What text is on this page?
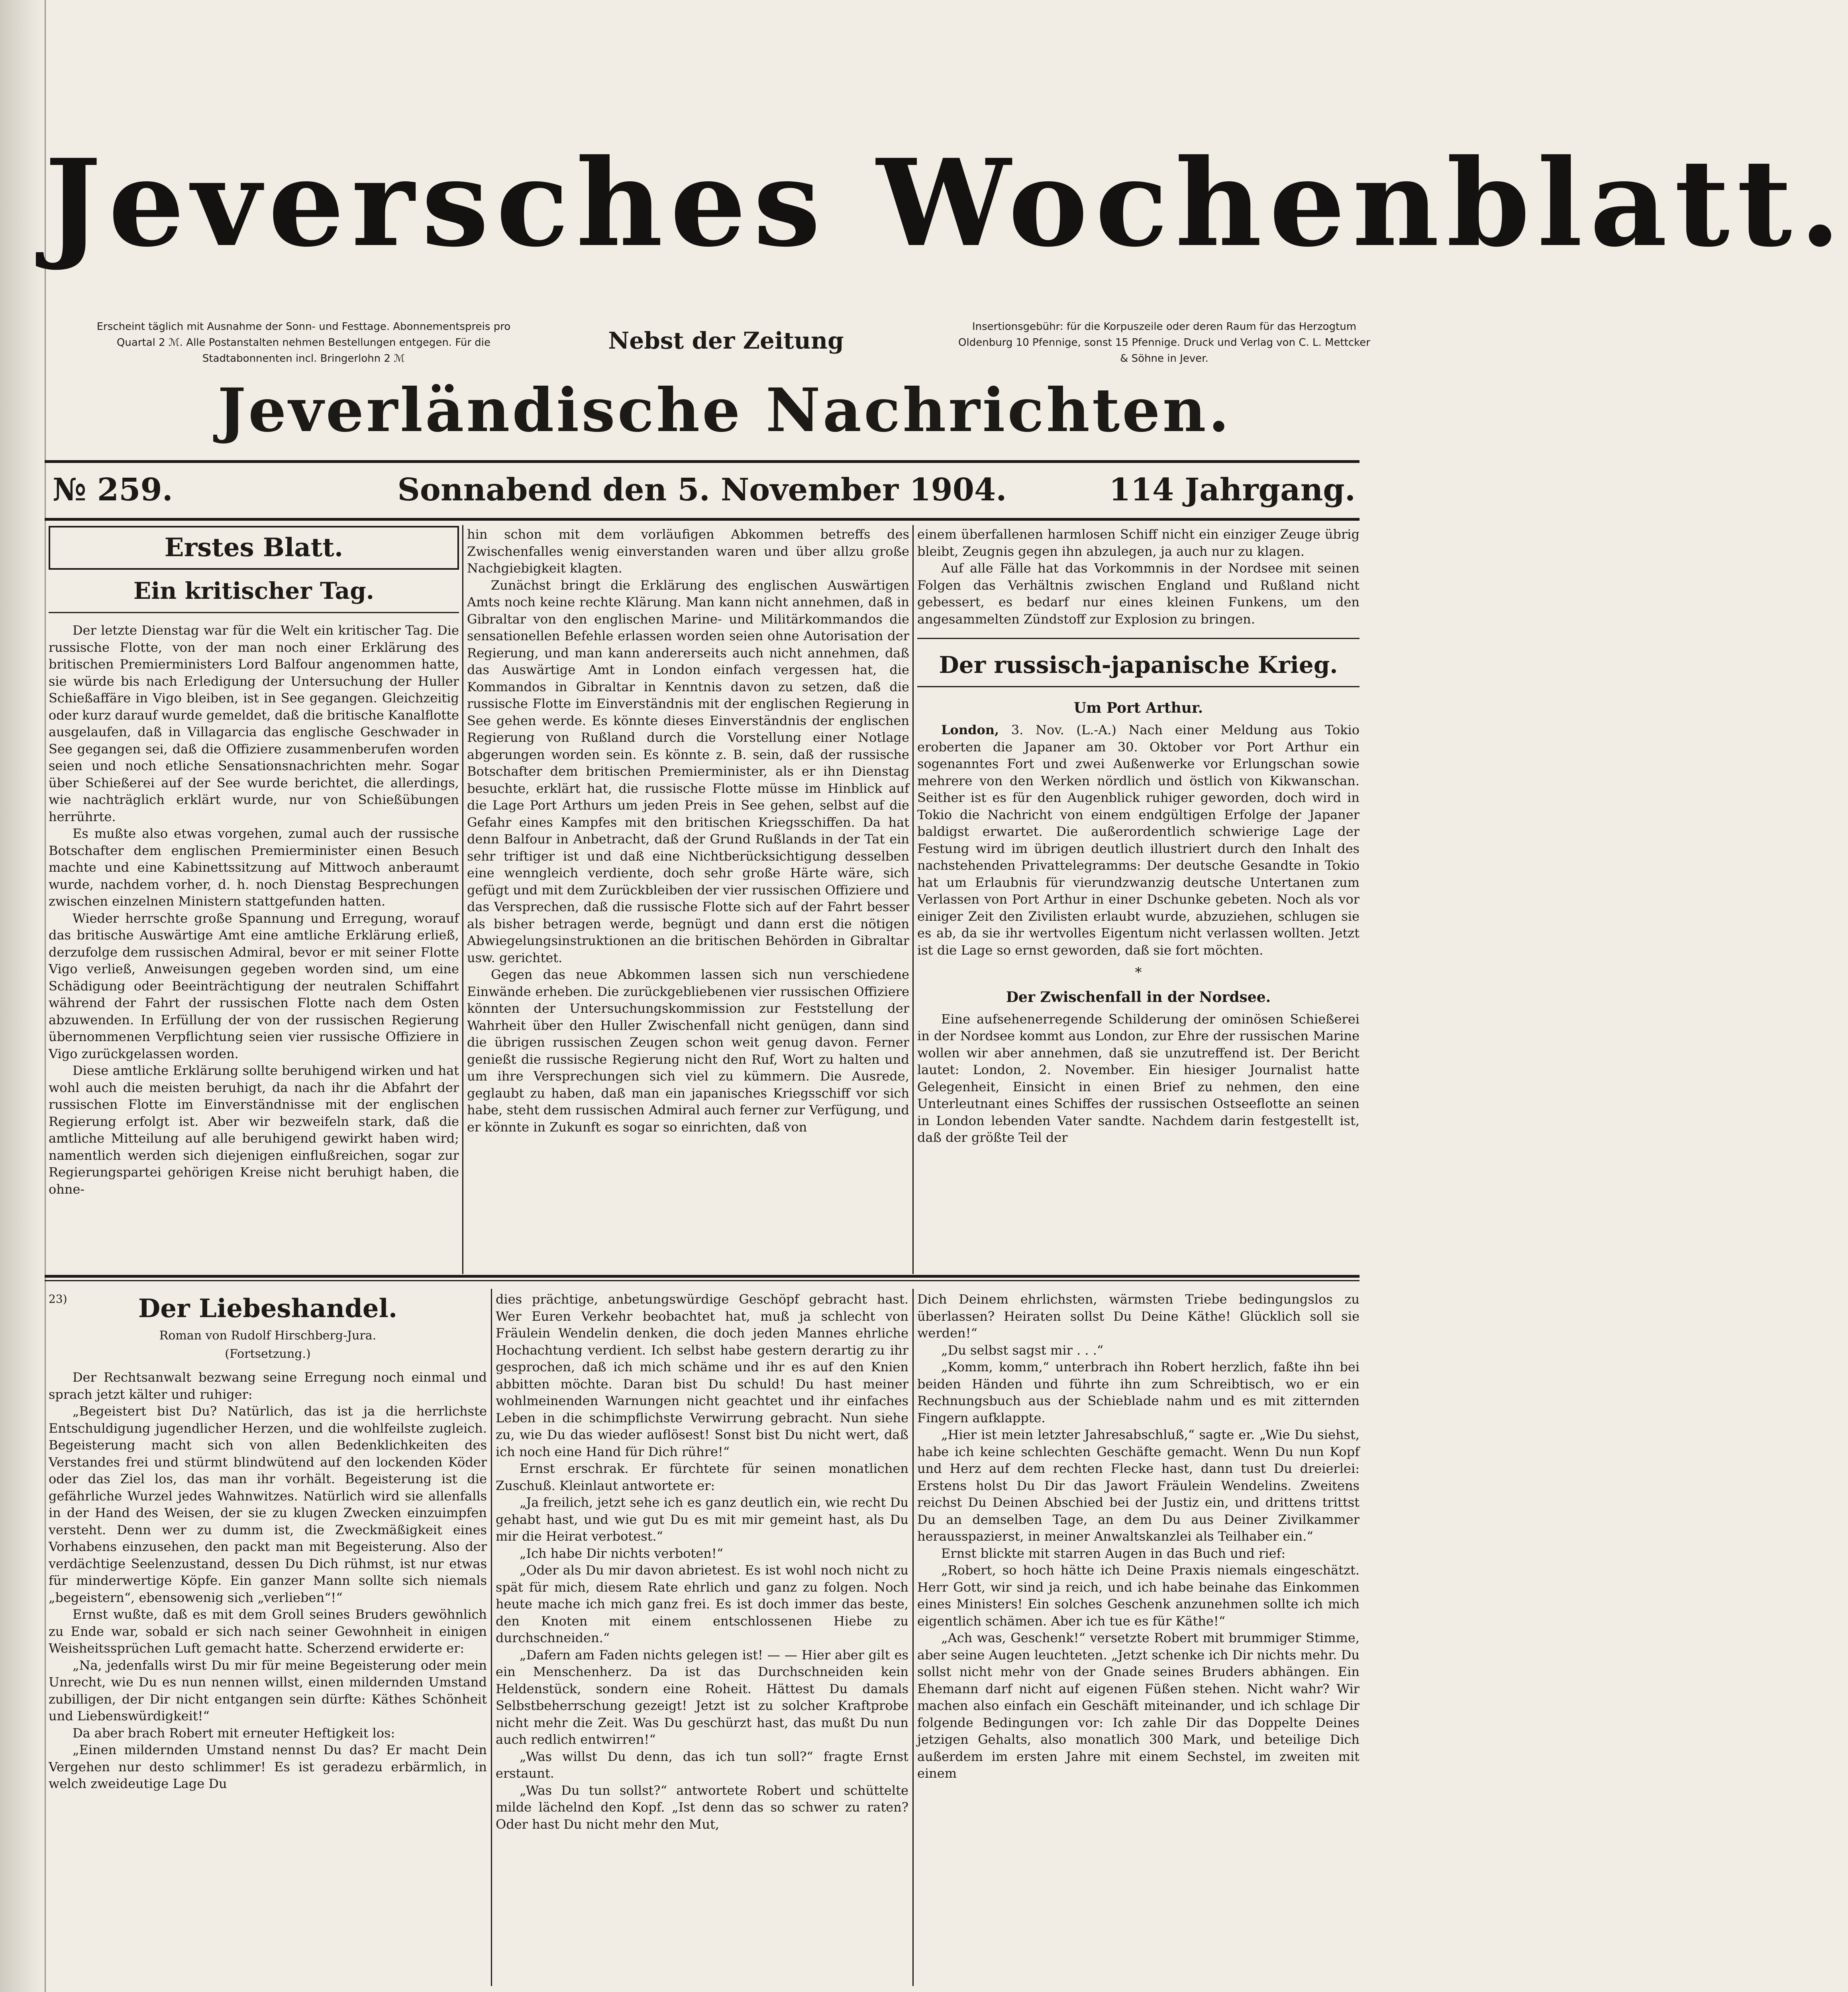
Jeversches Wochenblatt.
Erscheint täglich mit Ausnahme der Sonn- und Festtage. Abonnementspreis pro Quartal 2 ℳ. Alle Postanstalten nehmen Bestellungen entgegen. Für die Stadtabonnenten incl. Bringerlohn 2 ℳ
Nebst der Zeitung
Insertionsgebühr: für die Korpuszeile oder deren Raum für das Herzogtum Oldenburg 10 Pfennige, sonst 15 Pfennige. Druck und Verlag von C. L. Mettcker & Söhne in Jever.
Jeverländische Nachrichten.
№ 259.	Sonnabend den 5. November 1904.	114 Jahrgang.
Erstes Blatt.
Ein kritischer Tag.

Der letzte Dienstag war für die Welt ein kritischer Tag. Die russische Flotte, von der man noch einer Erklärung des britischen Premierministers Lord Balfour angenommen hatte, sie würde bis nach Erledigung der Untersuchung der Huller Schießaffäre in Vigo bleiben, ist in See gegangen. Gleichzeitig oder kurz darauf wurde gemeldet, daß die britische Kanalflotte ausgelaufen, daß in Villagarcia das englische Geschwader in See gegangen sei, daß die Offiziere zusammenberufen worden seien und noch etliche Sensationsnachrichten mehr. Sogar über Schießerei auf der See wurde berichtet, die allerdings, wie nachträglich erklärt wurde, nur von Schießübungen herrührte.

Es mußte also etwas vorgehen, zumal auch der russische Botschafter dem englischen Premierminister einen Besuch machte und eine Kabinettssitzung auf Mittwoch anberaumt wurde, nachdem vorher, d. h. noch Dienstag Besprechungen zwischen einzelnen Ministern stattgefunden hatten.

Wieder herrschte große Spannung und Erregung, worauf das britische Auswärtige Amt eine amtliche Erklärung erließ, derzufolge dem russischen Admiral, bevor er mit seiner Flotte Vigo verließ, Anweisungen gegeben worden sind, um eine Schädigung oder Beeinträchtigung der neutralen Schiffahrt während der Fahrt der russischen Flotte nach dem Osten abzuwenden. In Erfüllung der von der russischen Regierung übernommenen Verpflichtung seien vier russische Offiziere in Vigo zurückgelassen worden.

Diese amtliche Erklärung sollte beruhigend wirken und hat wohl auch die meisten beruhigt, da nach ihr die Abfahrt der russischen Flotte im Einverständnisse mit der englischen Regierung erfolgt ist. Aber wir bezweifeln stark, daß die amtliche Mitteilung auf alle beruhigend gewirkt haben wird; namentlich werden sich diejenigen einflußreichen, sogar zur Regierungspartei gehörigen Kreise nicht beruhigt haben, die ohne-

hin schon mit dem vorläufigen Abkommen betreffs des Zwischenfalles wenig einverstanden waren und über allzu große Nachgiebigkeit klagten.

Zunächst bringt die Erklärung des englischen Auswärtigen Amts noch keine rechte Klärung. Man kann nicht annehmen, daß in Gibraltar von den englischen Marine- und Militärkommandos die sensationellen Befehle erlassen worden seien ohne Autorisation der Regierung, und man kann andererseits auch nicht annehmen, daß das Auswärtige Amt in London einfach vergessen hat, die Kommandos in Gibraltar in Kenntnis davon zu setzen, daß die russische Flotte im Einverständnis mit der englischen Regierung in See gehen werde. Es könnte dieses Einverständnis der englischen Regierung von Rußland durch die Vorstellung einer Notlage abgerungen worden sein. Es könnte z. B. sein, daß der russische Botschafter dem britischen Premierminister, als er ihn Dienstag besuchte, erklärt hat, die russische Flotte müsse im Hinblick auf die Lage Port Arthurs um jeden Preis in See gehen, selbst auf die Gefahr eines Kampfes mit den britischen Kriegsschiffen. Da hat denn Balfour in Anbetracht, daß der Grund Rußlands in der Tat ein sehr triftiger ist und daß eine Nichtberücksichtigung desselben eine wenngleich verdiente, doch sehr große Härte wäre, sich gefügt und mit dem Zurückbleiben der vier russischen Offiziere und das Versprechen, daß die russische Flotte sich auf der Fahrt besser als bisher betragen werde, begnügt und dann erst die nötigen Abwiegelungsinstruktionen an die britischen Behörden in Gibraltar usw. gerichtet.

Gegen das neue Abkommen lassen sich nun verschiedene Einwände erheben. Die zurückgebliebenen vier russischen Offiziere könnten der Untersuchungskommission zur Feststellung der Wahrheit über den Huller Zwischenfall nicht genügen, dann sind die übrigen russischen Zeugen schon weit genug davon. Ferner genießt die russische Regierung nicht den Ruf, Wort zu halten und um ihre Versprechungen sich viel zu kümmern. Die Ausrede, geglaubt zu haben, daß man ein japanisches Kriegsschiff vor sich habe, steht dem russischen Admiral auch ferner zur Verfügung, und er könnte in Zukunft es sogar so einrichten, daß von

einem überfallenen harmlosen Schiff nicht ein einziger Zeuge übrig bleibt, Zeugnis gegen ihn abzulegen, ja auch nur zu klagen.

Auf alle Fälle hat das Vorkommnis in der Nordsee mit seinen Folgen das Verhältnis zwischen England und Rußland nicht gebessert, es bedarf nur eines kleinen Funkens, um den angesammelten Zündstoff zur Explosion zu bringen.

Der russisch-japanische Krieg.
Um Port Arthur.

London, 3. Nov. (L.-A.) Nach einer Meldung aus Tokio eroberten die Japaner am 30. Oktober vor Port Arthur ein sogenanntes Fort und zwei Außenwerke vor Erlungschan sowie mehrere von den Werken nördlich und östlich von Kikwanschan. Seither ist es für den Augenblick ruhiger geworden, doch wird in Tokio die Nachricht von einem endgültigen Erfolge der Japaner baldigst erwartet. Die außerordentlich schwierige Lage der Festung wird im übrigen deutlich illustriert durch den Inhalt des nachstehenden Privattelegramms: Der deutsche Gesandte in Tokio hat um Erlaubnis für vierundzwanzig deutsche Untertanen zum Verlassen von Port Arthur in einer Dschunke gebeten. Noch als vor einiger Zeit den Zivilisten erlaubt wurde, abzuziehen, schlugen sie es ab, da sie ihr wertvolles Eigentum nicht verlassen wollten. Jetzt ist die Lage so ernst geworden, daß sie fort möchten.

*
Der Zwischenfall in der Nordsee.

Eine aufsehenerregende Schilderung der ominösen Schießerei in der Nordsee kommt aus London, zur Ehre der russischen Marine wollen wir aber annehmen, daß sie unzutreffend ist. Der Bericht lautet: London, 2. November. Ein hiesiger Journalist hatte Gelegenheit, Einsicht in einen Brief zu nehmen, den eine Unterleutnant eines Schiffes der russischen Ostseeflotte an seinen in London lebenden Vater sandte. Nachdem darin festgestellt ist, daß der größte Teil der

23)	Der Liebeshandel.
Roman von Rudolf Hirschberg-Jura.
(Fortsetzung.)

Der Rechtsanwalt bezwang seine Erregung noch einmal und sprach jetzt kälter und ruhiger:

„Begeistert bist Du? Natürlich, das ist ja die herrlichste Entschuldigung jugendlicher Herzen, und die wohlfeilste zugleich. Begeisterung macht sich von allen Bedenklichkeiten des Verstandes frei und stürmt blindwütend auf den lockenden Köder oder das Ziel los, das man ihr vorhält. Begeisterung ist die gefährliche Wurzel jedes Wahnwitzes. Natürlich wird sie allenfalls in der Hand des Weisen, der sie zu klugen Zwecken einzuimpfen versteht. Denn wer zu dumm ist, die Zweckmäßigkeit eines Vorhabens einzusehen, den packt man mit Begeisterung. Also der verdächtige Seelenzustand, dessen Du Dich rühmst, ist nur etwas für minderwertige Köpfe. Ein ganzer Mann sollte sich niemals „begeistern“, ebensowenig sich „verlieben“!“

Ernst wußte, daß es mit dem Groll seines Bruders gewöhnlich zu Ende war, sobald er sich nach seiner Gewohnheit in einigen Weisheitssprüchen Luft gemacht hatte. Scherzend erwiderte er:

„Na, jedenfalls wirst Du mir für meine Begeisterung oder mein Unrecht, wie Du es nun nennen willst, einen mildernden Umstand zubilligen, der Dir nicht entgangen sein dürfte: Käthes Schönheit und Liebenswürdigkeit!“

Da aber brach Robert mit erneuter Heftigkeit los:

„Einen mildernden Umstand nennst Du das? Er macht Dein Vergehen nur desto schlimmer! Es ist geradezu erbärmlich, in welch zweideutige Lage Du

dies prächtige, anbetungswürdige Geschöpf gebracht hast. Wer Euren Verkehr beobachtet hat, muß ja schlecht von Fräulein Wendelin denken, die doch jeden Mannes ehrliche Hochachtung verdient. Ich selbst habe gestern derartig zu ihr gesprochen, daß ich mich schäme und ihr es auf den Knien abbitten möchte. Daran bist Du schuld! Du hast meiner wohlmeinenden Warnungen nicht geachtet und ihr einfaches Leben in die schimpflichste Verwirrung gebracht. Nun siehe zu, wie Du das wieder auflösest! Sonst bist Du nicht wert, daß ich noch eine Hand für Dich rühre!“

Ernst erschrak. Er fürchtete für seinen monatlichen Zuschuß. Kleinlaut antwortete er:

„Ja freilich, jetzt sehe ich es ganz deutlich ein, wie recht Du gehabt hast, und wie gut Du es mit mir gemeint hast, als Du mir die Heirat verbotest.“

„Ich habe Dir nichts verboten!“

„Oder als Du mir davon abrietest. Es ist wohl noch nicht zu spät für mich, diesem Rate ehrlich und ganz zu folgen. Noch heute mache ich mich ganz frei. Es ist doch immer das beste, den Knoten mit einem entschlossenen Hiebe zu durchschneiden.“

„Dafern am Faden nichts gelegen ist! — — Hier aber gilt es ein Menschenherz. Da ist das Durchschneiden kein Heldenstück, sondern eine Roheit. Hättest Du damals Selbstbeherrschung gezeigt! Jetzt ist zu solcher Kraftprobe nicht mehr die Zeit. Was Du geschürzt hast, das mußt Du nun auch redlich entwirren!“

„Was willst Du denn, das ich tun soll?“ fragte Ernst erstaunt.

„Was Du tun sollst?“ antwortete Robert und schüttelte milde lächelnd den Kopf. „Ist denn das so schwer zu raten? Oder hast Du nicht mehr den Mut,

Dich Deinem ehrlichsten, wärmsten Triebe bedingungslos zu überlassen? Heiraten sollst Du Deine Käthe! Glücklich soll sie werden!“

„Du selbst sagst mir . . .“

„Komm, komm,“ unterbrach ihn Robert herzlich, faßte ihn bei beiden Händen und führte ihn zum Schreibtisch, wo er ein Rechnungsbuch aus der Schieblade nahm und es mit zitternden Fingern aufklappte.

„Hier ist mein letzter Jahresabschluß,“ sagte er. „Wie Du siehst, habe ich keine schlechten Geschäfte gemacht. Wenn Du nun Kopf und Herz auf dem rechten Flecke hast, dann tust Du dreierlei: Erstens holst Du Dir das Jawort Fräulein Wendelins. Zweitens reichst Du Deinen Abschied bei der Justiz ein, und drittens trittst Du an demselben Tage, an dem Du aus Deiner Zivilkammer herausspazierst, in meiner Anwaltskanzlei als Teilhaber ein.“

Ernst blickte mit starren Augen in das Buch und rief:

„Robert, so hoch hätte ich Deine Praxis niemals eingeschätzt. Herr Gott, wir sind ja reich, und ich habe beinahe das Einkommen eines Ministers! Ein solches Geschenk anzunehmen sollte ich mich eigentlich schämen. Aber ich tue es für Käthe!“

„Ach was, Geschenk!“ versetzte Robert mit brummiger Stimme, aber seine Augen leuchteten. „Jetzt schenke ich Dir nichts mehr. Du sollst nicht mehr von der Gnade seines Bruders abhängen. Ein Ehemann darf nicht auf eigenen Füßen stehen. Nicht wahr? Wir machen also einfach ein Geschäft miteinander, und ich schlage Dir folgende Bedingungen vor: Ich zahle Dir das Doppelte Deines jetzigen Gehalts, also monatlich 300 Mark, und beteilige Dich außerdem im ersten Jahre mit einem Sechstel, im zweiten mit einem
